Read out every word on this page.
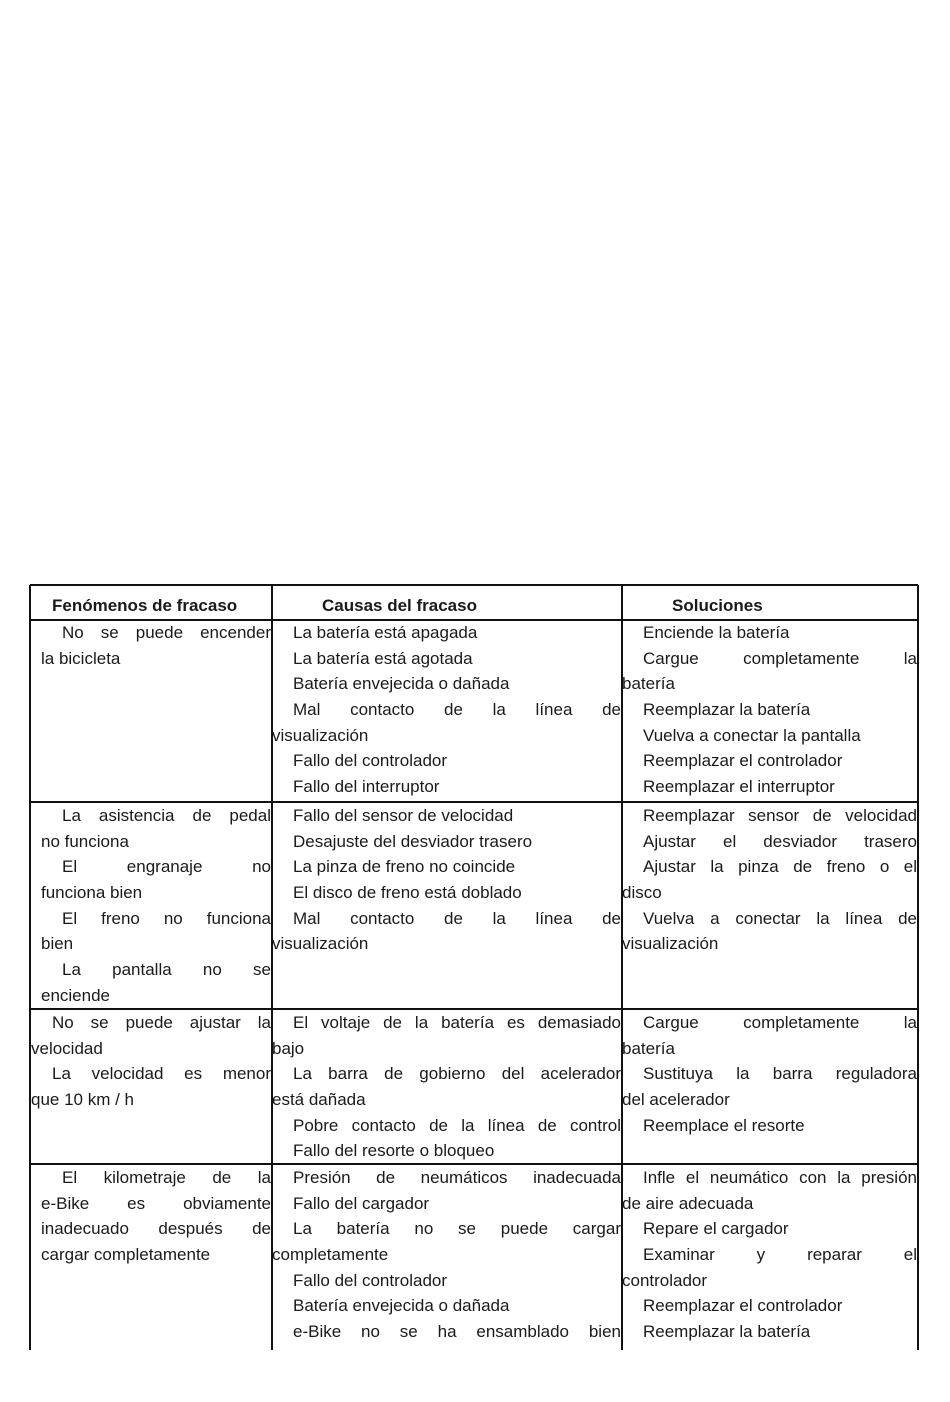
Fenómenos de fracaso	Causas del fracaso	Soluciones
No se puede encender
la bicicleta
La batería está apagada
La batería está agotada
Batería envejecida o dañada
Mal contacto de la línea de
visualización
Fallo del controlador
Fallo del interruptor
Enciende la batería
Cargue completamente la
batería
Reemplazar la batería
Vuelva a conectar la pantalla
Reemplazar el controlador
Reemplazar el interruptor
La asistencia de pedal
no funciona
El engranaje no
funciona bien
El freno no funciona
bien
La pantalla no se
enciende
Fallo del sensor de velocidad
Desajuste del desviador trasero
La pinza de freno no coincide
El disco de freno está doblado
Mal contacto de la línea de
visualización
Reemplazar sensor de velocidad
Ajustar el desviador trasero
Ajustar la pinza de freno o el
disco
Vuelva a conectar la línea de
visualización
No se puede ajustar la
velocidad
La velocidad es menor
que 10 km / h
El voltaje de la batería es demasiado
bajo
La barra de gobierno del acelerador
está dañada
Pobre contacto de la línea de control
Fallo del resorte o bloqueo
Cargue completamente la
batería
Sustituya la barra reguladora
del acelerador
Reemplace el resorte
El kilometraje de la
e-Bike es obviamente
inadecuado después de
cargar completamente
Presión de neumáticos inadecuada
Fallo del cargador
La batería no se puede cargar
completamente
Fallo del controlador
Batería envejecida o dañada
e-Bike no se ha ensamblado bien
Infle el neumático con la presión
de aire adecuada
Repare el cargador
Examinar y reparar el
controlador
Reemplazar el controlador
Reemplazar la batería
